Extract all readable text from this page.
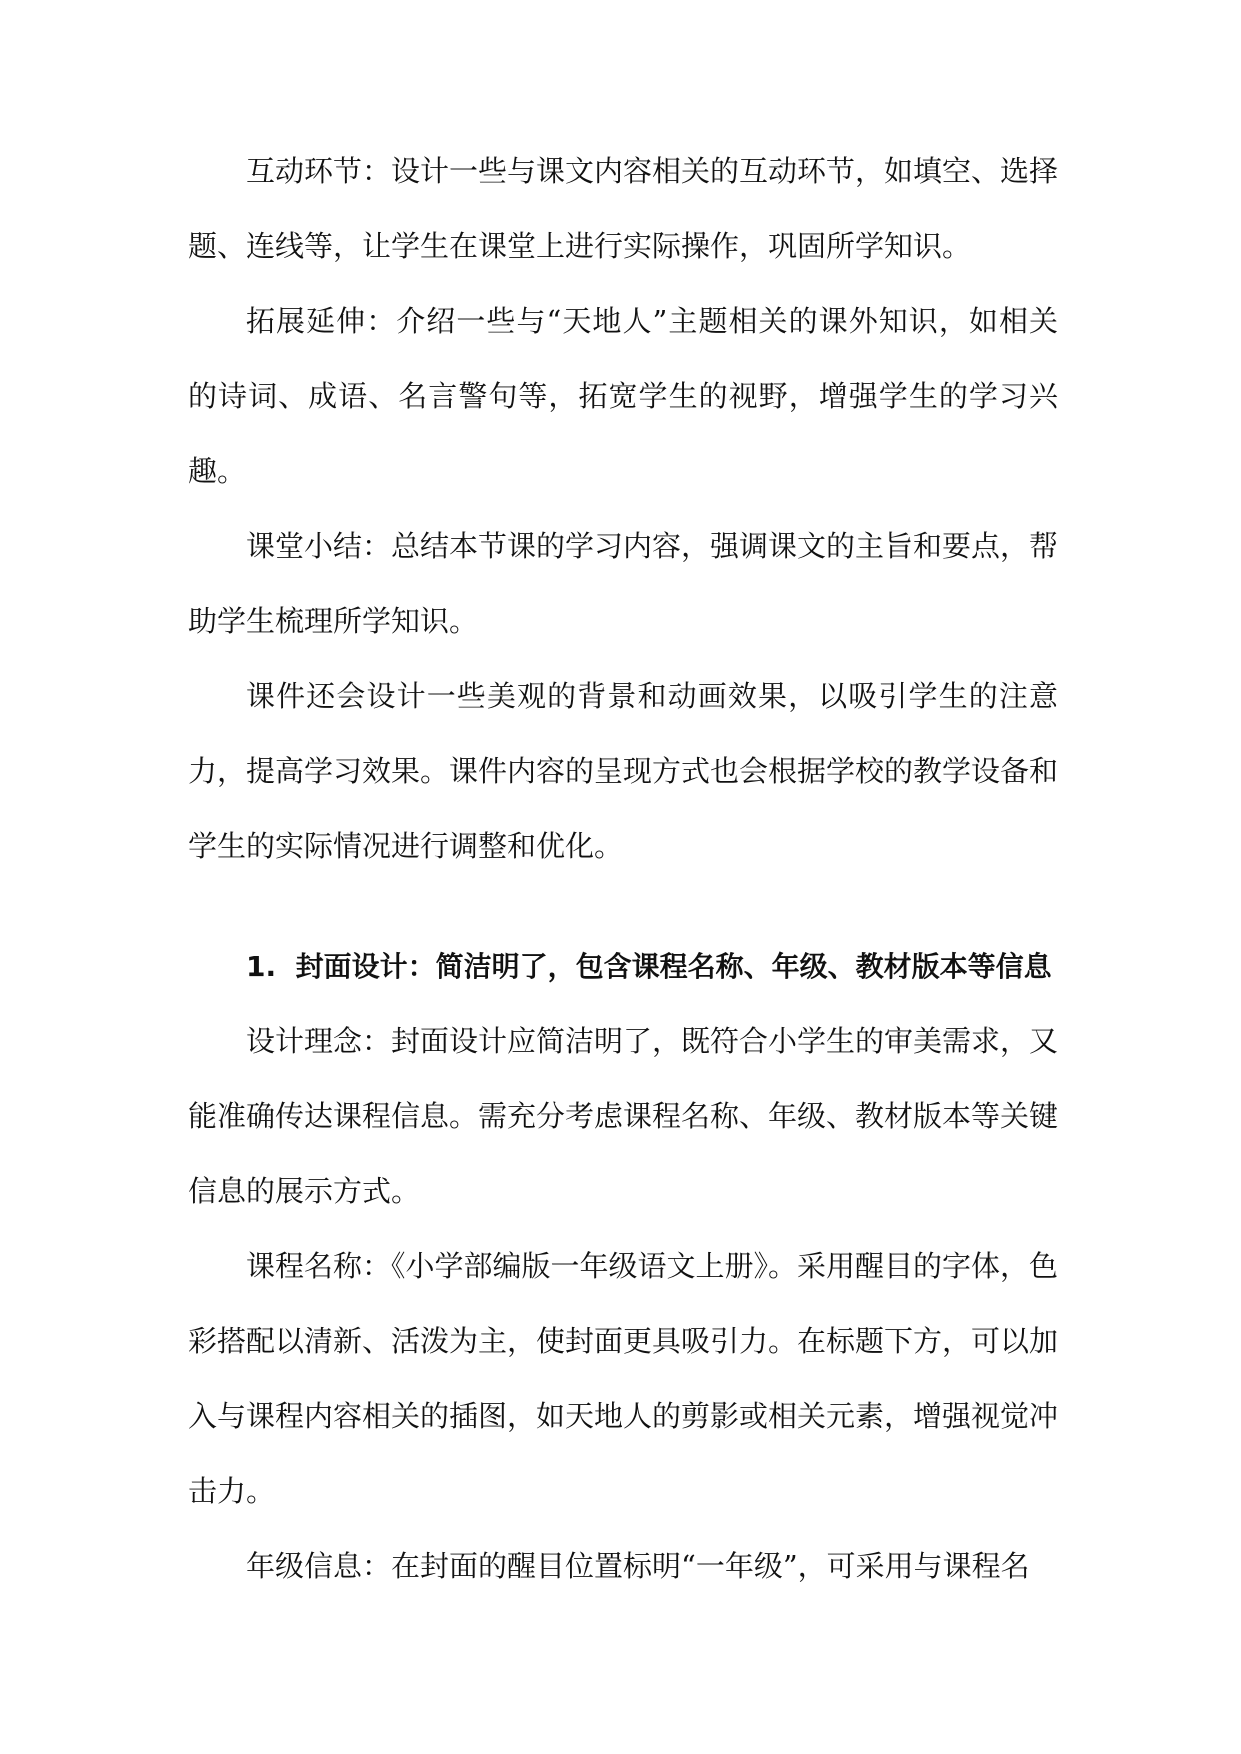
互动环节：设计一些与课文内容相关的互动环节，如填空、选择题、连线等，让学生在课堂上进行实际操作，巩固所学知识。

拓展延伸：介绍一些与“天地人”主题相关的课外知识，如相关的诗词、成语、名言警句等，拓宽学生的视野，增强学生的学习兴趣。

课堂小结：总结本节课的学习内容，强调课文的主旨和要点，帮助学生梳理所学知识。

课件还会设计一些美观的背景和动画效果，以吸引学生的注意力，提高学习效果。课件内容的呈现方式也会根据学校的教学设备和学生的实际情况进行调整和优化。

1. 封面设计：简洁明了，包含课程名称、年级、教材版本等信息

设计理念：封面设计应简洁明了，既符合小学生的审美需求，又能准确传达课程信息。需充分考虑课程名称、年级、教材版本等关键信息的展示方式。

课程名称：《小学部编版一年级语文上册》。采用醒目的字体，色彩搭配以清新、活泼为主，使封面更具吸引力。在标题下方，可以加入与课程内容相关的插图，如天地人的剪影或相关元素，增强视觉冲击力。

年级信息：在封面的醒目位置标明“一年级”，可采用与课程名
